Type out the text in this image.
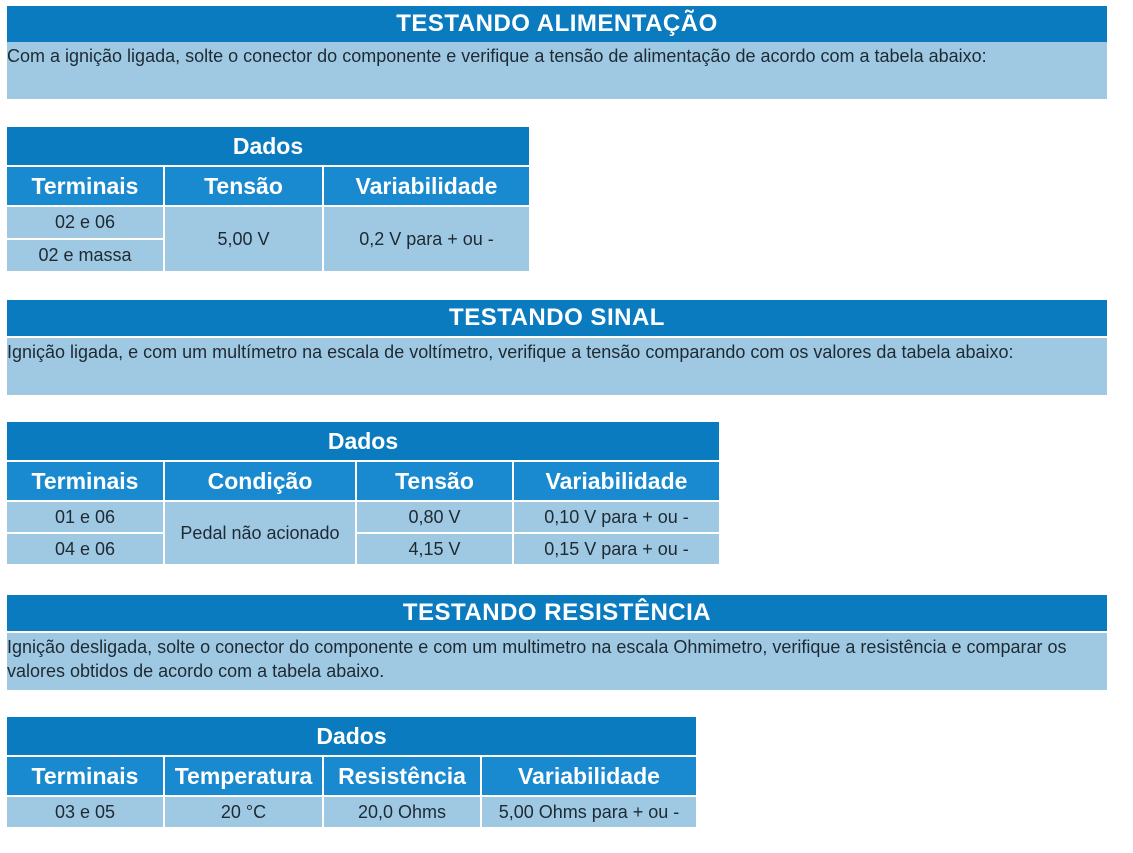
TESTANDO ALIMENTAÇÃO
Com a ignição ligada, solte o conector do componente e verifique a tensão de alimentação de acordo com a tabela abaixo:
Dados		
Terminais	Tensão	Variabilidade
02 e 06	5,00 V	0,2 V para + ou -
02 e massa		
TESTANDO SINAL
Ignição ligada, e com um multímetro na escala de voltímetro, verifique a tensão comparando com os valores da tabela abaixo:
Dados			
Terminais	Condição	Tensão	Variabilidade
01 e 06	Pedal não acionado	0,80 V	0,10 V para + ou -
04 e 06		4,15 V	0,15 V para + ou -
TESTANDO RESISTÊNCIA
Ignição desligada, solte o conector do componente e com um multimetro na escala Ohmimetro, verifique a resistência e comparar os valores obtidos de acordo com a tabela abaixo.
Dados			
Terminais	Temperatura	Resistência	Variabilidade
03 e 05	20 °C	20,0 Ohms	5,00 Ohms para + ou -
